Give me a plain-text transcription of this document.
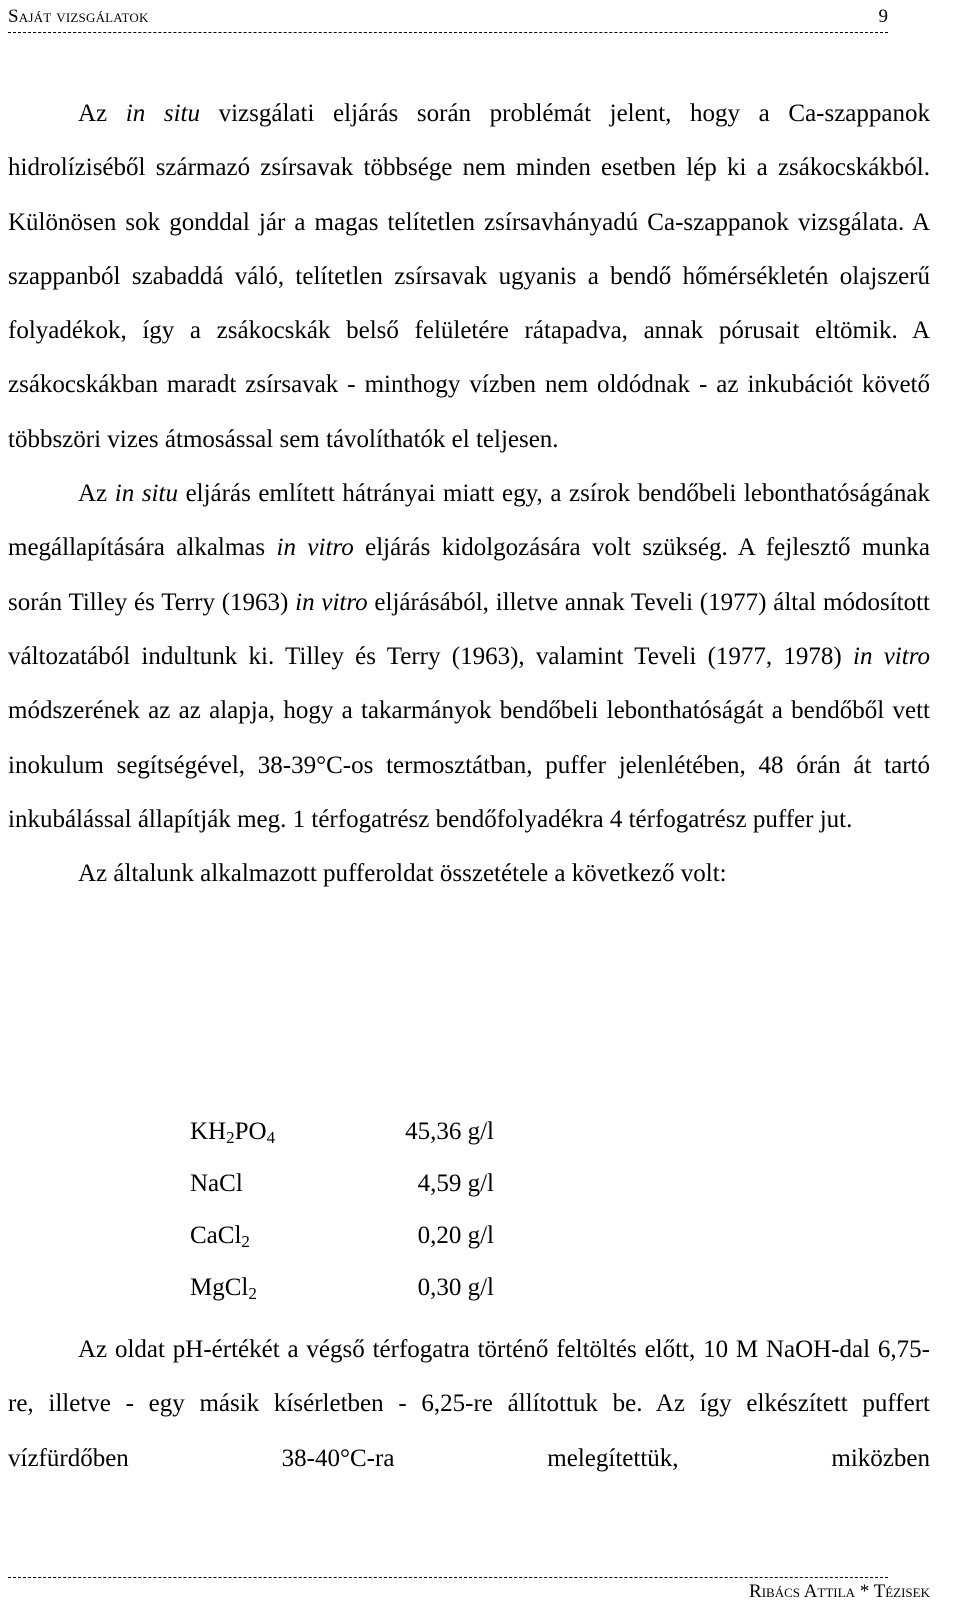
Saját vizsgálatok	9

Az in situ vizsgálati eljárás során problémát jelent, hogy a Ca-szappanok hidrolíziséből származó zsírsavak többsége nem minden esetben lép ki a zsákocskákból. Különösen sok gonddal jár a magas telítetlen zsírsavhányadú Ca-szappanok vizsgálata. A szappanból szabaddá váló, telítetlen zsírsavak ugyanis a bendő hőmérsékletén olajszerű folyadékok, így a zsákocskák belső felületére rátapadva, annak pórusait eltömik. A zsákocskákban maradt zsírsavak - minthogy vízben nem oldódnak - az inkubációt követő többszöri vizes átmosással sem távolíthatók el teljesen.

Az in situ eljárás említett hátrányai miatt egy, a zsírok bendőbeli lebonthatóságának megállapítására alkalmas in vitro eljárás kidolgozására volt szükség. A fejlesztő munka során Tilley és Terry (1963) in vitro eljárásából, illetve annak Teveli (1977) által módosított változatából indultunk ki. Tilley és Terry (1963), valamint Teveli (1977, 1978) in vitro módszerének az az alapja, hogy a takarmányok bendőbeli lebonthatóságát a bendőből vett inokulum segítségével, 38-39°C-os termosztátban, puffer jelenlétében, 48 órán át tartó inkubálással állapítják meg. 1 térfogatrész bendőfolyadékra 4 térfogatrész puffer jut.

Az általunk alkalmazott pufferoldat összetétele a következő volt:

$KH_2PO_4$	45,36 g/l
NaCl	4,59 g/l
CaCl$_2$	0,20 g/l
MgCl$_2$	0,30 g/l

Az oldat pH-értékét a végső térfogatra történő feltöltés előtt, 10 M NaOH-dal 6,75-re, illetve - egy másik kísérletben - 6,25-re állítottuk be. Az így elkészített puffert vízfürdőben 38-40°C-ra melegítettük, miközben

Ribács Attila * Tézisek
